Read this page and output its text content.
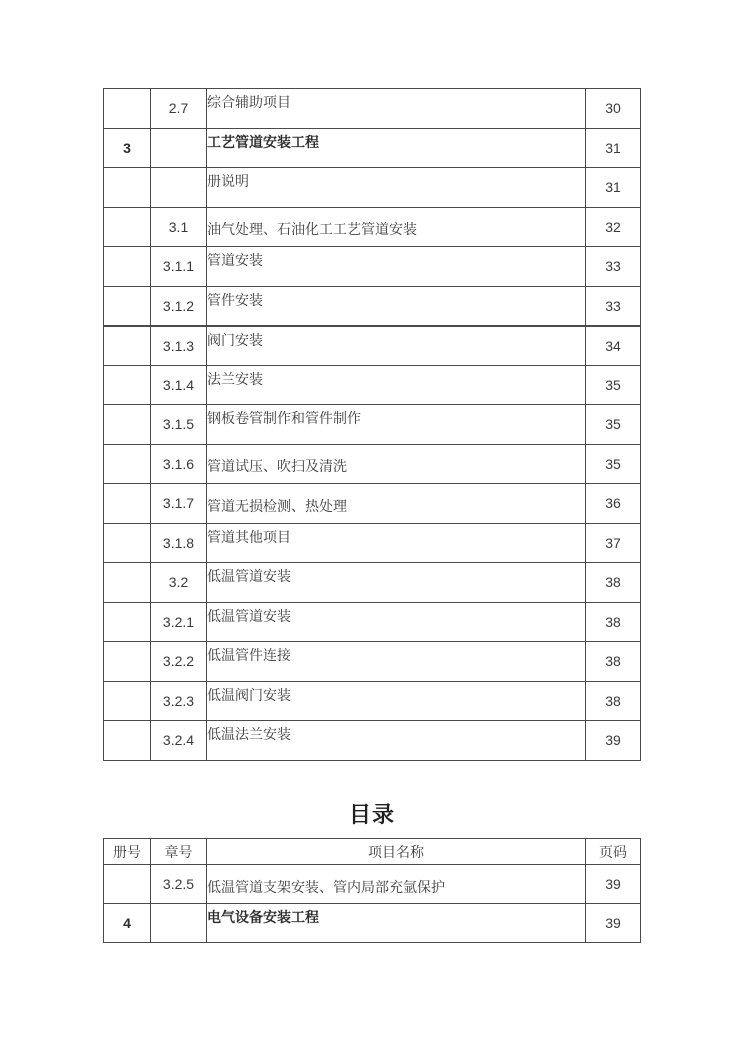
	2.7	综合辅助项目	30
3		工艺管道安装工程	31
		册说明	31
	3.1	油气处理、石油化工工艺管道安装	32
	3.1.1	管道安装	33
	3.1.2	管件安装	33
	3.1.3	阀门安装	34
	3.1.4	法兰安装	35
	3.1.5	钢板卷管制作和管件制作	35
	3.1.6	管道试压、吹扫及清洗	35
	3.1.7	管道无损检测、热处理	36
	3.1.8	管道其他项目	37
	3.2	低温管道安装	38
	3.2.1	低温管道安装	38
	3.2.2	低温管件连接	38
	3.2.3	低温阀门安装	38
	3.2.4	低温法兰安装	39
目录
册号	章号	项目名称	页码
	3.2.5	低温管道支架安装、管内局部充氩保护	39
4		电气设备安装工程	39
